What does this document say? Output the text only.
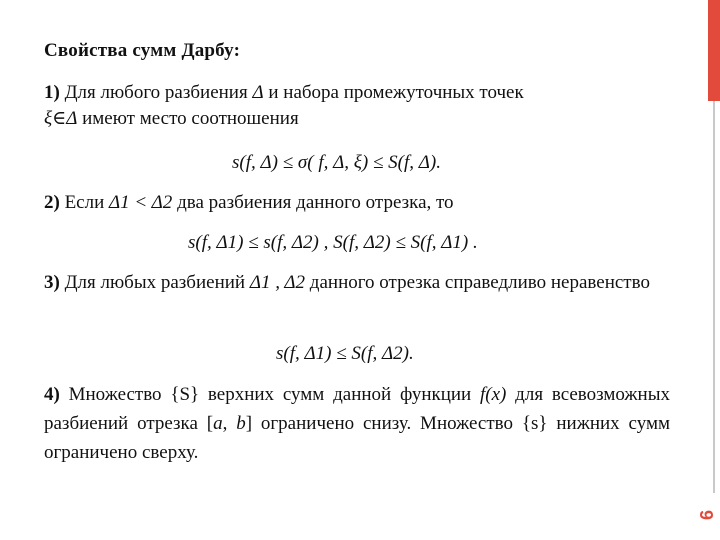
Свойства сумм Дарбу:
1) Для любого разбиения Δ и набора промежуточных точек
ξ∈Δ имеют место соотношения
s(f, Δ) ≤ σ( f, Δ, ξ) ≤ S(f, Δ).
2) Если Δ1 < Δ2 два разбиения данного отрезка, то
s(f, Δ1) ≤ s(f, Δ2) , S(f, Δ2) ≤ S(f, Δ1) .
3) Для любых разбиений Δ1 , Δ2 данного отрезка справедливо неравенство
s(f, Δ1) ≤ S(f, Δ2).
4) Множество {S} верхних сумм данной функции f(x) для всевозможных разбиений отрезка [a, b] ограничено снизу. Множество {s} нижних сумм ограничено сверху.
9
